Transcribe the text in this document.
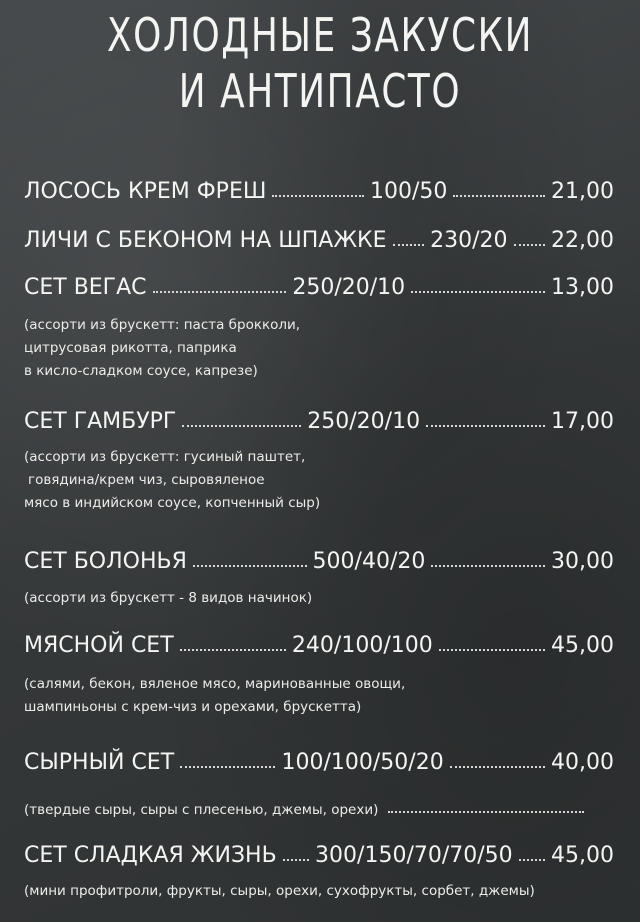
ХОЛОДНЫЕ ЗАКУСКИ
И АНТИПАСТО
ЛОСОСЬ КРЕМ ФРЕШ	100/50	21,00
ЛИЧИ С БЕКОНОМ НА ШПАЖКЕ 230/20 22,00
СЕТ ВЕГАС	250/20/10	13,00
(ассорти из брускетт: паста брокколи,
цитрусовая рикотта, паприка
в кисло-сладком соусе, капрезе)
СЕТ ГАМБУРГ	250/20/10	17,00
(ассорти из брускетт: гусиный паштет,
говядина/крем чиз, сыровяленое
мясо в индийском соусе, копченный сыр)
СЕТ БОЛОНЬЯ	500/40/20	30,00
(ассорти из брускетт - 8 видов начинок)
МЯСНОЙ СЕТ	240/100/100	45,00
(салями, бекон, вяленое мясо, маринованные овощи,
шампиньоны с крем-чиз и орехами, брускетта)
СЫРНЫЙ СЕТ	100/100/50/20	40,00
(твердые сыры, сыры с плесенью, джемы, орехи)
СЕТ СЛАДКАЯ ЖИЗНЬ 300/150/70/70/50 45,00
(мини профитроли, фрукты, сыры, орехи, сухофрукты, сорбет, джемы)
